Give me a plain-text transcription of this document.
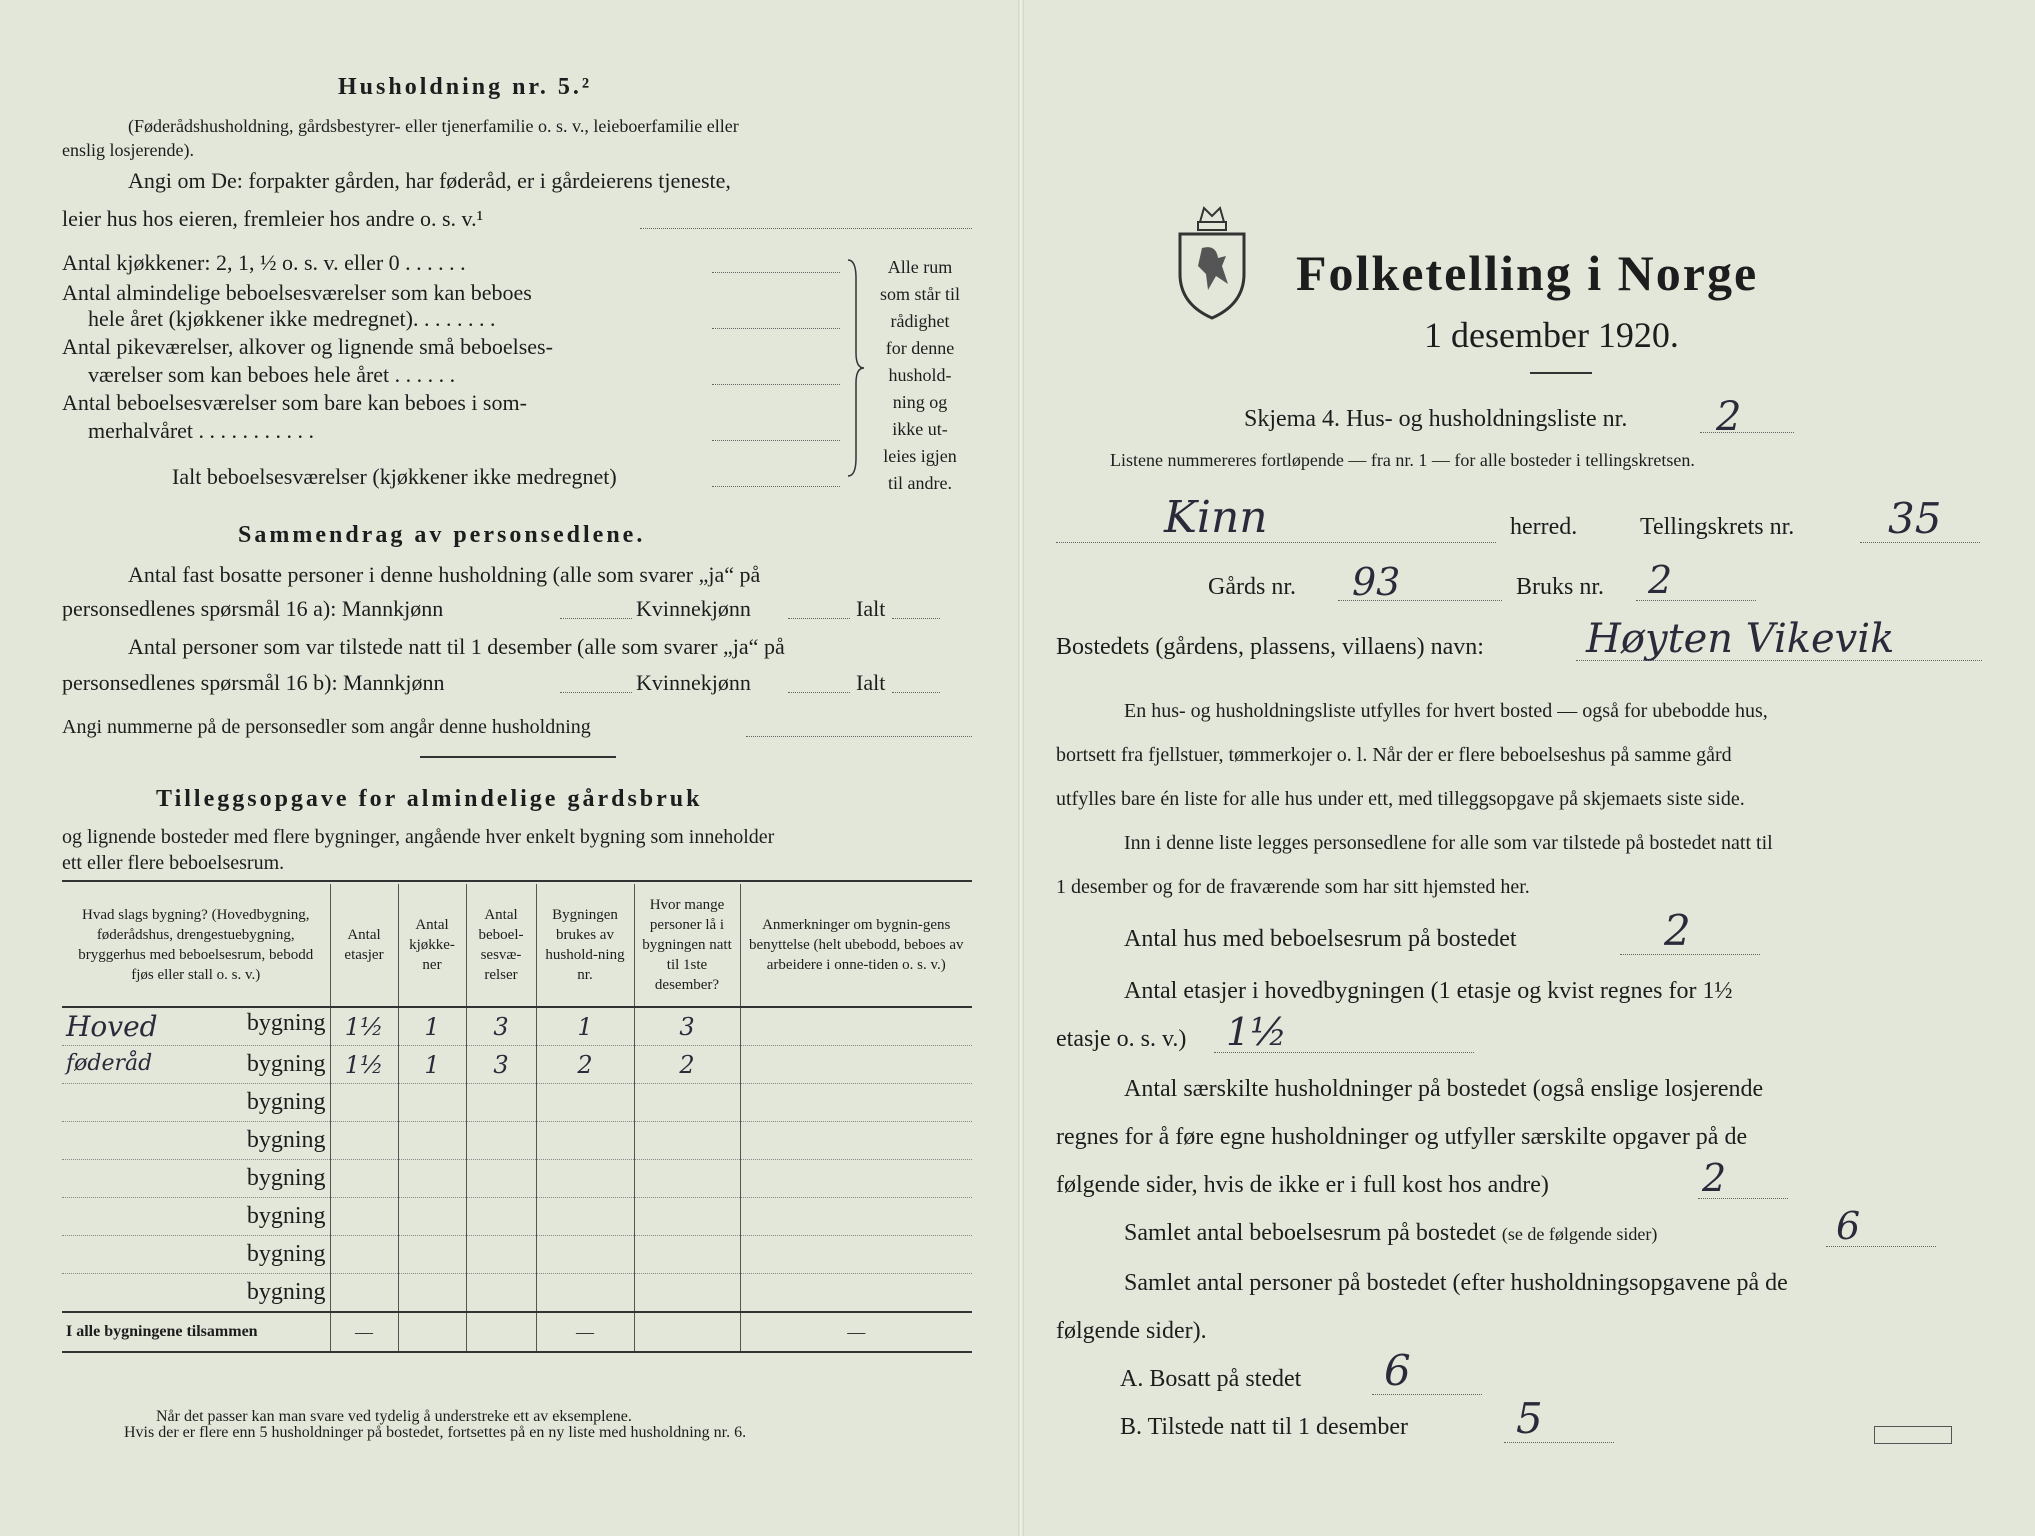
Husholdning nr. 5.²
(Føderådshusholdning, gårdsbestyrer- eller tjenerfamilie o. s. v., leieboerfamilie eller
enslig losjerende).
Angi om De: forpakter gården, har føderåd, er i gårdeierens tjeneste,
leier hus hos eieren, fremleier hos andre o. s. v.¹
Antal kjøkkener: 2, 1, ½ o. s. v. eller 0 . . . . . .
Antal almindelige beboelsesværelser som kan beboes
hele året (kjøkkener ikke medregnet). . . . . . . .
Antal pikeværelser, alkover og lignende små beboelses-
værelser som kan beboes hele året . . . . . .
Antal beboelsesværelser som bare kan beboes i som-
merhalvåret . . . . . . . . . . .
Ialt beboelsesværelser (kjøkkener ikke medregnet)
Alle rum
som står til
rådighet
for denne
hushold-
ning og
ikke ut-
leies igjen
til andre.
Sammendrag av personsedlene.
Antal fast bosatte personer i denne husholdning (alle som svarer „ja“ på
personsedlenes spørsmål 16 a): Mannkjønn	Kvinnekjønn	Ialt
Antal personer som var tilstede natt til 1 desember (alle som svarer „ja“ på
personsedlenes spørsmål 16 b): Mannkjønn	Kvinnekjønn	Ialt
Angi nummerne på de personsedler som angår denne husholdning
Tilleggsopgave for almindelige gårdsbruk
og lignende bosteder med flere bygninger, angående hver enkelt bygning som inneholder
ett eller flere beboelsesrum.
Hvad slags bygning? (Hovedbygning, føderådshus, drengestuebygning, bryggerhus med beboelsesrum, bebodd fjøs eller stall o. s. v.)	Antal etasjer	Antal kjøkke-ner	Antal beboel-sesvæ-relser	Bygningen brukes av hushold-ning nr.	Hvor mange personer lå i bygningen natt til 1ste desember?	Anmerkninger om bygnin-gens benyttelse (helt ubebodd, beboes av arbeidere i onne-tiden o. s. v.)

Hoved bygning	1½	1	3	1	3	

føderåd bygning	1½	1	3	2	2	
bygning						
bygning						
bygning						
bygning						
bygning						
bygning						
I alle bygningene tilsammen	—			—		—
Når det passer kan man svare ved tydelig å understreke ett av eksemplene.
Hvis der er flere enn 5 husholdninger på bostedet, fortsettes på en ny liste med husholdning nr. 6.
Folketelling i Norge
1 desember 1920.
Skjema 4. Hus- og husholdningsliste nr. 2
Listene nummereres fortløpende — fra nr. 1 — for alle bosteder i tellingskretsen.
Kinn	herred.	Tellingskrets nr. 35
Gårds nr. 93	Bruks nr. 2
Bostedets (gårdens, plassens, villaens) navn:	Høyten Vikevik
En hus- og husholdningsliste utfylles for hvert bosted — også for ubebodde hus,
bortsett fra fjellstuer, tømmerkojer o. l. Når der er flere beboelseshus på samme gård
utfylles bare én liste for alle hus under ett, med tilleggsopgave på skjemaets siste side.
Inn i denne liste legges personsedlene for alle som var tilstede på bostedet natt til
1 desember og for de fraværende som har sitt hjemsted her.
Antal hus med beboelsesrum på bostedet	2
Antal etasjer i hovedbygningen (1 etasje og kvist regnes for 1½
etasje o. s. v.) 1½
Antal særskilte husholdninger på bostedet (også enslige losjerende
regnes for å føre egne husholdninger og utfyller særskilte opgaver på de
følgende sider, hvis de ikke er i full kost hos andre)	2
Samlet antal beboelsesrum på bostedet (se de følgende sider)	6
Samlet antal personer på bostedet (efter husholdningsopgavene på de
følgende sider).
A. Bosatt på stedet 6
B. Tilstede natt til 1 desember	5
